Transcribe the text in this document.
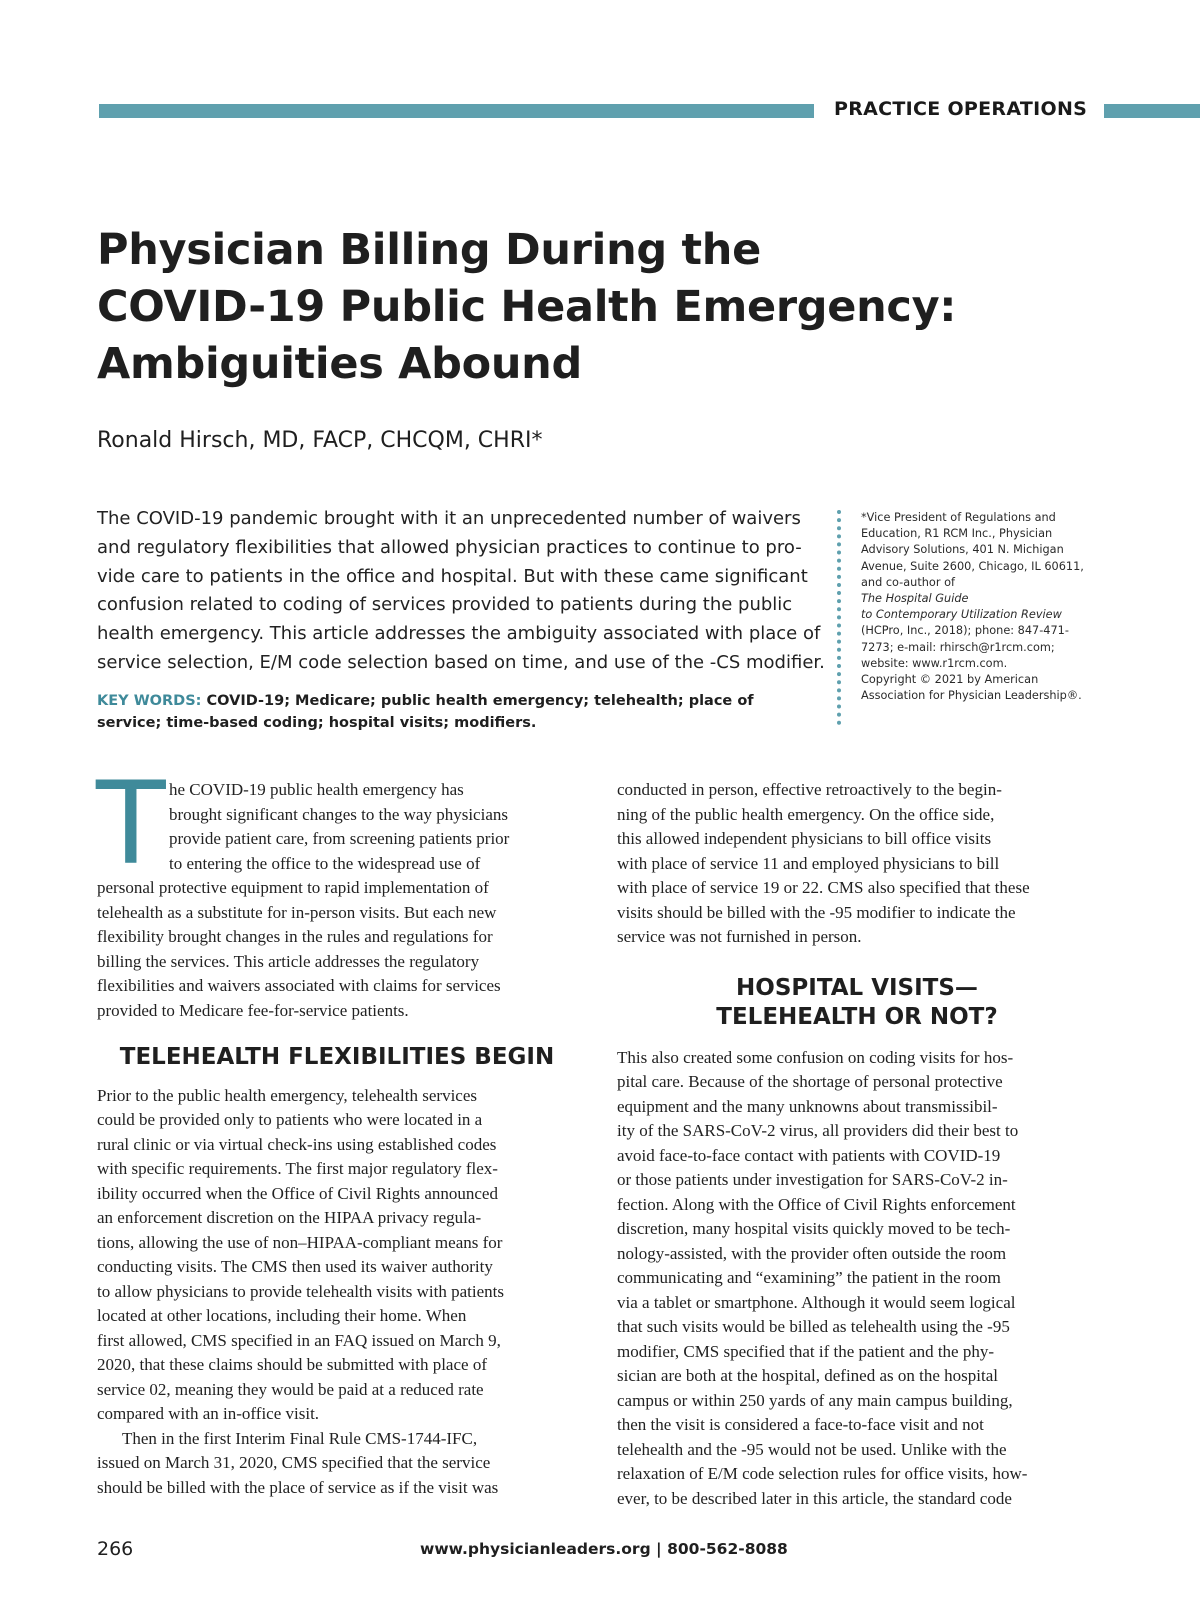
PRACTICE OPERATIONS
Physician Billing During the
COVID-19 Public Health Emergency:
Ambiguities Abound
Ronald Hirsch, MD, FACP, CHCQM, CHRI*
The COVID-19 pandemic brought with it an unprecedented number of waivers
and regulatory flexibilities that allowed physician practices to continue to pro-
vide care to patients in the office and hospital. But with these came significant
confusion related to coding of services provided to patients during the public
health emergency. This article addresses the ambiguity associated with place of
service selection, E/M code selection based on time, and use of the -CS modifier.
KEY WORDS: COVID-19; Medicare; public health emergency; telehealth; place of service; time-based coding; hospital visits; modifiers.
*Vice President of Regulations and
Education, R1 RCM Inc., Physician
Advisory Solutions, 401 N. Michigan
Avenue, Suite 2600, Chicago, IL 60611,
and co-author of
The Hospital Guide
to Contemporary Utilization Review
(HCPro, Inc., 2018); phone: 847-471-
7273; e-mail: rhirsch@r1rcm.com;
website: www.r1rcm.com.
Copyright © 2021 by American
Association for Physician Leadership®.
T he COVID-19 public health emergency has
brought significant changes to the way physicians
provide patient care, from screening patients prior
to entering the office to the widespread use of
personal protective equipment to rapid implementation of
telehealth as a substitute for in-person visits. But each new
flexibility brought changes in the rules and regulations for
billing the services. This article addresses the regulatory
flexibilities and waivers associated with claims for services
provided to Medicare fee-for-service patients.
TELEHEALTH FLEXIBILITIES BEGIN
Prior to the public health emergency, telehealth services
could be provided only to patients who were located in a
rural clinic or via virtual check-ins using established codes
with specific requirements. The first major regulatory flex-
ibility occurred when the Office of Civil Rights announced
an enforcement discretion on the HIPAA privacy regula-
tions, allowing the use of non–HIPAA-compliant means for
conducting visits. The CMS then used its waiver authority
to allow physicians to provide telehealth visits with patients
located at other locations, including their home. When
first allowed, CMS specified in an FAQ issued on March 9,
2020, that these claims should be submitted with place of
service 02, meaning they would be paid at a reduced rate
compared with an in-office visit.
Then in the first Interim Final Rule CMS-1744-IFC,
issued on March 31, 2020, CMS specified that the service
should be billed with the place of service as if the visit was
conducted in person, effective retroactively to the begin-
ning of the public health emergency. On the office side,
this allowed independent physicians to bill office visits
with place of service 11 and employed physicians to bill
with place of service 19 or 22. CMS also specified that these
visits should be billed with the -95 modifier to indicate the
service was not furnished in person.
HOSPITAL VISITS—
TELEHEALTH OR NOT?
This also created some confusion on coding visits for hos-
pital care. Because of the shortage of personal protective
equipment and the many unknowns about transmissibil-
ity of the SARS-CoV-2 virus, all providers did their best to
avoid face-to-face contact with patients with COVID-19
or those patients under investigation for SARS-CoV-2 in-
fection. Along with the Office of Civil Rights enforcement
discretion, many hospital visits quickly moved to be tech-
nology-assisted, with the provider often outside the room
communicating and “examining” the patient in the room
via a tablet or smartphone. Although it would seem logical
that such visits would be billed as telehealth using the -95
modifier, CMS specified that if the patient and the phy-
sician are both at the hospital, defined as on the hospital
campus or within 250 yards of any main campus building,
then the visit is considered a face-to-face visit and not
telehealth and the -95 would not be used. Unlike with the
relaxation of E/M code selection rules for office visits, how-
ever, to be described later in this article, the standard code
266	www.physicianleaders.org | 800-562-8088
